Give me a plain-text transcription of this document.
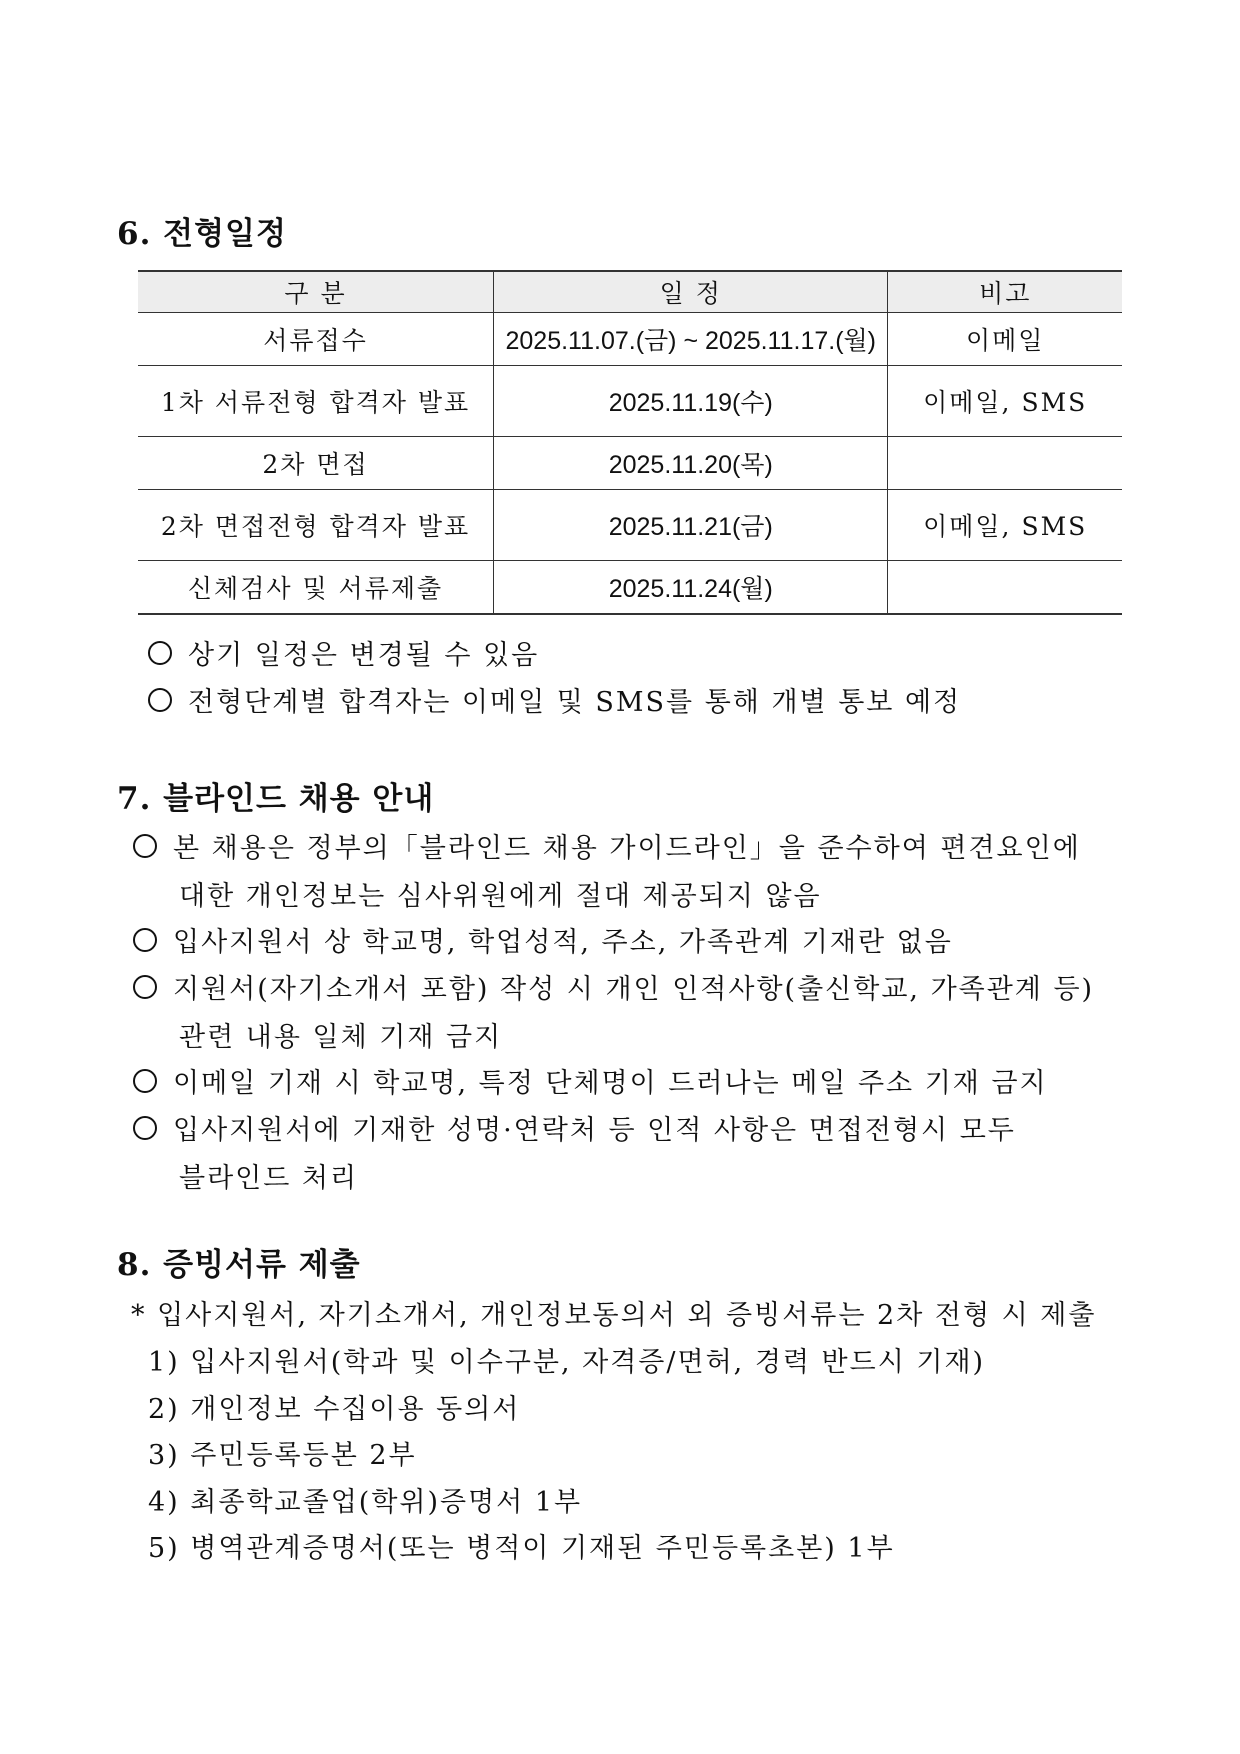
6. 전형일정
구 분	일 정	비고
서류접수	2025.11.07.(금) ~ 2025.11.17.(월)	이메일
1차 서류전형 합격자 발표	2025.11.19(수)	이메일, SMS
2차 면접	2025.11.20(목)	
2차 면접전형 합격자 발표	2025.11.21(금)	이메일, SMS
신체검사 및 서류제출	2025.11.24(월)	
상기 일정은 변경될 수 있음
전형단계별 합격자는 이메일 및 SMS를 통해 개별 통보 예정
7. 블라인드 채용 안내
본 채용은 정부의「블라인드 채용 가이드라인」을 준수하여 편견요인에
대한 개인정보는 심사위원에게 절대 제공되지 않음
입사지원서 상 학교명, 학업성적, 주소, 가족관계 기재란 없음
지원서(자기소개서 포함) 작성 시 개인 인적사항(출신학교, 가족관계 등)
관련 내용 일체 기재 금지
이메일 기재 시 학교명, 특정 단체명이 드러나는 메일 주소 기재 금지
입사지원서에 기재한 성명·연락처 등 인적 사항은 면접전형시 모두
블라인드 처리
8. 증빙서류 제출
* 입사지원서, 자기소개서, 개인정보동의서 외 증빙서류는 2차 전형 시 제출
1) 입사지원서(학과 및 이수구분, 자격증/면허, 경력 반드시 기재)
2) 개인정보 수집이용 동의서
3) 주민등록등본 2부
4) 최종학교졸업(학위)증명서 1부
5) 병역관계증명서(또는 병적이 기재된 주민등록초본) 1부
